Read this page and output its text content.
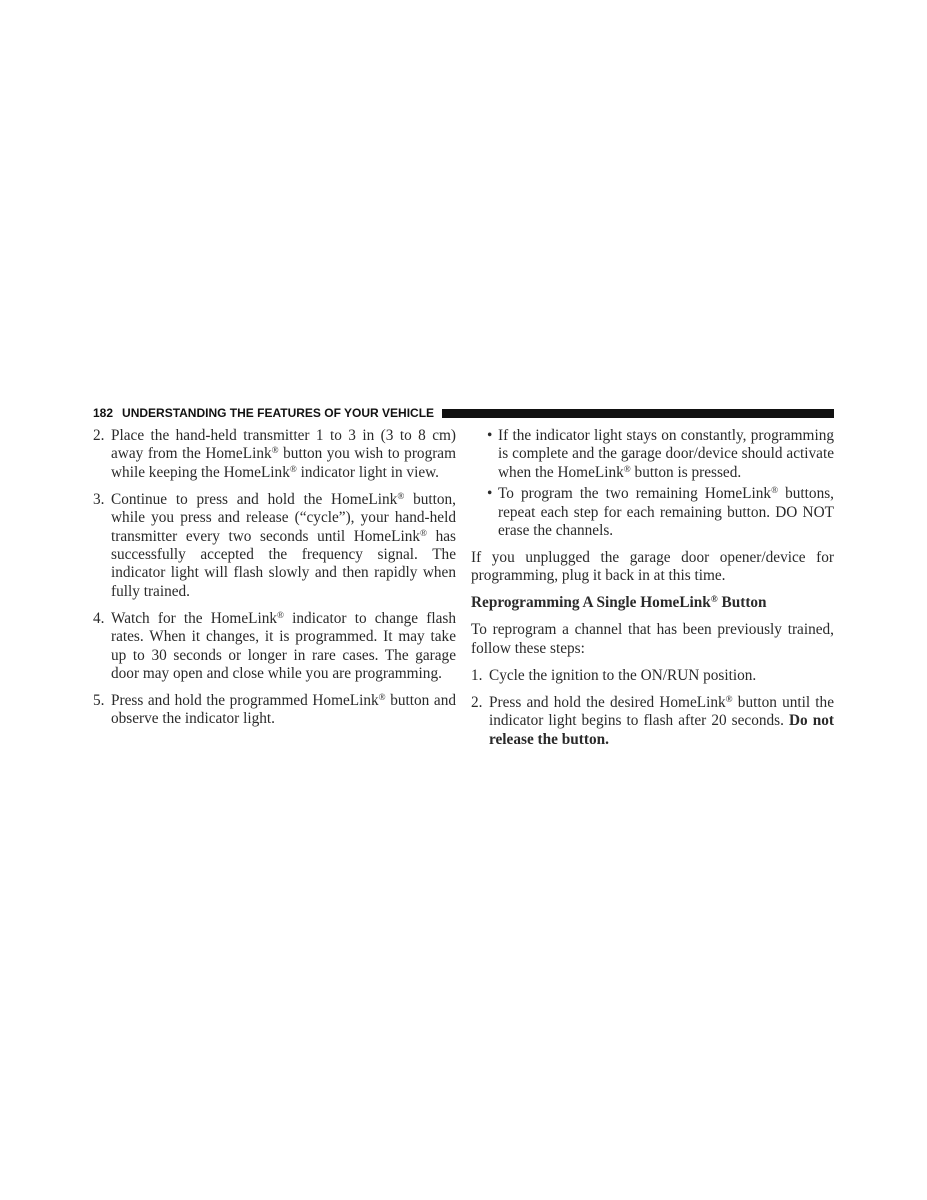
182 UNDERSTANDING THE FEATURES OF YOUR VEHICLE
2. Place the hand-held transmitter 1 to 3 in (3 to 8 cm) away from the HomeLink® button you wish to program while keeping the HomeLink® indicator light in view.
3. Continue to press and hold the HomeLink® button, while you press and release (“cycle”), your hand-held transmitter every two seconds until HomeLink® has successfully accepted the frequency signal. The indicator light will flash slowly and then rapidly when fully trained.
4. Watch for the HomeLink® indicator to change flash rates. When it changes, it is programmed. It may take up to 30 seconds or longer in rare cases. The garage door may open and close while you are programming.
5. Press and hold the programmed HomeLink® button and observe the indicator light.
• If the indicator light stays on constantly, programming is complete and the garage door/device should activate when the HomeLink® button is pressed.
• To program the two remaining HomeLink® buttons, repeat each step for each remaining button. DO NOT erase the channels.
If you unplugged the garage door opener/device for programming, plug it back in at this time.
Reprogramming A Single HomeLink® Button
To reprogram a channel that has been previously trained, follow these steps:
1. Cycle the ignition to the ON/RUN position.
2. Press and hold the desired HomeLink® button until the indicator light begins to flash after 20 seconds. Do not release the button.
